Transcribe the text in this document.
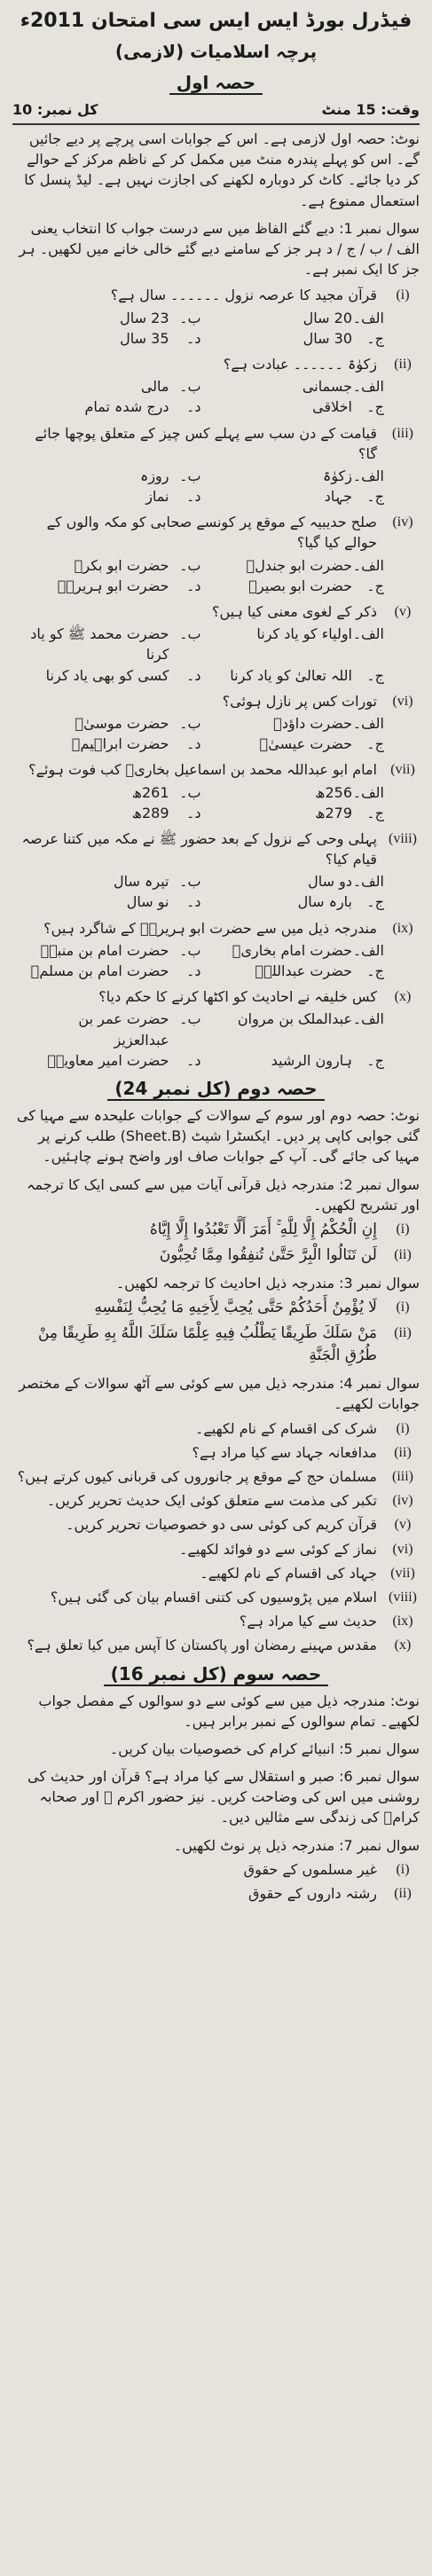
فیڈرل بورڈ ایس ایس سی امتحان 2011ء
پرچہ اسلامیات (لازمی)
حصہ اول
وقت: 15 منٹ
کل نمبر: 10
نوٹ: حصہ اول لازمی ہے۔ اس کے جوابات اسی پرچے پر دیے جائیں گے۔ اس کو پہلے پندرہ منٹ میں مکمل کر کے ناظم مرکز کے حوالے کر دیا جائے۔ کاٹ کر دوبارہ لکھنے کی اجازت نہیں ہے۔ لیڈ پنسل کا استعمال ممنوع ہے۔
سوال نمبر 1: دیے گئے الفاظ میں سے درست جواب کا انتخاب یعنی الف / ب / ج / د ہر جز کے سامنے دیے گئے خالی خانے میں لکھیں۔ ہر جز کا ایک نمبر ہے۔
(i)
قرآن مجید کا عرصہ نزول ۔۔۔۔۔۔ سال ہے؟
الف۔
20 سال
ب۔
23 سال
ج۔
30 سال
د۔
35 سال
(ii)
زکوٰۃ ۔۔۔۔۔۔ عبادت ہے؟
الف۔
جسمانی
ب۔
مالی
ج۔
اخلاقی
د۔
درج شدہ تمام
(iii)
قیامت کے دن سب سے پہلے کس چیز کے متعلق پوچھا جائے گا؟
الف۔
زکوٰۃ
ب۔
روزہ
ج۔
جہاد
د۔
نماز
(iv)
صلح حدیبیہ کے موقع پر کونسے صحابی کو مکہ والوں کے حوالے کیا گیا؟
الف۔
حضرت ابو جندلؓ
ب۔
حضرت ابو بکرؓ
ج۔
حضرت ابو بصیرؓ
د۔
حضرت ابو ہریرہؓ
(v)
ذکر کے لغوی معنی کیا ہیں؟
الف۔
اولیاء کو یاد کرنا
ب۔
حضرت محمد ﷺ کو یاد کرنا
ج۔
اللہ تعالیٰ کو یاد کرنا
د۔
کسی کو بھی یاد کرنا
(vi)
تورات کس پر نازل ہوئی؟
الف۔
حضرت داؤدؑ
ب۔
حضرت موسیٰؑ
ج۔
حضرت عیسیٰؑ
د۔
حضرت ابراہیمؑ
(vii)
امام ابو عبداللہ محمد بن اسماعیل بخاریؒ کب فوت ہوئے؟
الف۔
256ھ
ب۔
261ھ
ج۔
279ھ
د۔
289ھ
(viii)
پہلی وحی کے نزول کے بعد حضور ﷺ نے مکہ میں کتنا عرصہ قیام کیا؟
الف۔
دو سال
ب۔
تیرہ سال
ج۔
بارہ سال
د۔
نو سال
(ix)
مندرجہ ذیل میں سے حضرت ابو ہریرہؓ کے شاگرد ہیں؟
الف۔
حضرت امام بخاریؒ
ب۔
حضرت امام بن منبہؒ
ج۔
حضرت عبداللہؓ
د۔
حضرت امام بن مسلمؒ
(x)
کس خلیفہ نے احادیث کو اکٹھا کرنے کا حکم دیا؟
الف۔
عبدالملک بن مروان
ب۔
حضرت عمر بن عبدالعزیز
ج۔
ہارون الرشید
د۔
حضرت امیر معاویہؓ
حصہ دوم (کل نمبر 24)
نوٹ: حصہ دوم اور سوم کے سوالات کے جوابات علیحدہ سے مہیا کی گئی جوابی کاپی پر دیں۔ ایکسٹرا شیٹ (Sheet.B) طلب کرنے پر مہیا کی جائے گی۔ آپ کے جوابات صاف اور واضح ہونے چاہئیں۔
سوال نمبر 2: مندرجہ ذیل قرآنی آیات میں سے کسی ایک کا ترجمہ اور تشریح لکھیں۔
(i)
إِنِ الْحُكْمُ إِلَّا لِلَّهِ ۚ أَمَرَ أَلَّا تَعْبُدُوا إِلَّا إِيَّاهُ
(ii)
لَن تَنَالُوا الْبِرَّ حَتَّىٰ تُنفِقُوا مِمَّا تُحِبُّونَ
سوال نمبر 3: مندرجہ ذیل احادیث کا ترجمہ لکھیں۔
(i)
لَا يُؤْمِنُ أَحَدُكُمْ حَتَّى يُحِبَّ لِأَخِيهِ مَا يُحِبُّ لِنَفْسِهِ
(ii)
مَنْ سَلَكَ طَرِيقًا يَطْلُبُ فِيهِ عِلْمًا سَلَكَ اللَّهُ بِهِ طَرِيقًا مِنْ طُرُقِ الْجَنَّةِ
سوال نمبر 4: مندرجہ ذیل میں سے کوئی سے آٹھ سوالات کے مختصر جوابات لکھیے۔
(i)
شرک کی اقسام کے نام لکھیے۔
(ii)
مدافعانہ جہاد سے کیا مراد ہے؟
(iii)
مسلمان حج کے موقع پر جانوروں کی قربانی کیوں کرتے ہیں؟
(iv)
تکبر کی مذمت سے متعلق کوئی ایک حدیث تحریر کریں۔
(v)
قرآن کریم کی کوئی سی دو خصوصیات تحریر کریں۔
(vi)
نماز کے کوئی سے دو فوائد لکھیے۔
(vii)
جہاد کی اقسام کے نام لکھیے۔
(viii)
اسلام میں پڑوسیوں کی کتنی اقسام بیان کی گئی ہیں؟
(ix)
حدیث سے کیا مراد ہے؟
(x)
مقدس مہینے رمضان اور پاکستان کا آپس میں کیا تعلق ہے؟
حصہ سوم (کل نمبر 16)
نوٹ: مندرجہ ذیل میں سے کوئی سے دو سوالوں کے مفصل جواب لکھیے۔ تمام سوالوں کے نمبر برابر ہیں۔
سوال نمبر 5: انبیائے کرام کی خصوصیات بیان کریں۔
سوال نمبر 6: صبر و استقلال سے کیا مراد ہے؟ قرآن اور حدیث کی روشنی میں اس کی وضاحت کریں۔ نیز حضور اکرم ﷺ اور صحابہ کرامؓ کی زندگی سے مثالیں دیں۔
سوال نمبر 7: مندرجہ ذیل پر نوٹ لکھیں۔
(i)
غیر مسلموں کے حقوق
(ii)
رشتہ داروں کے حقوق
